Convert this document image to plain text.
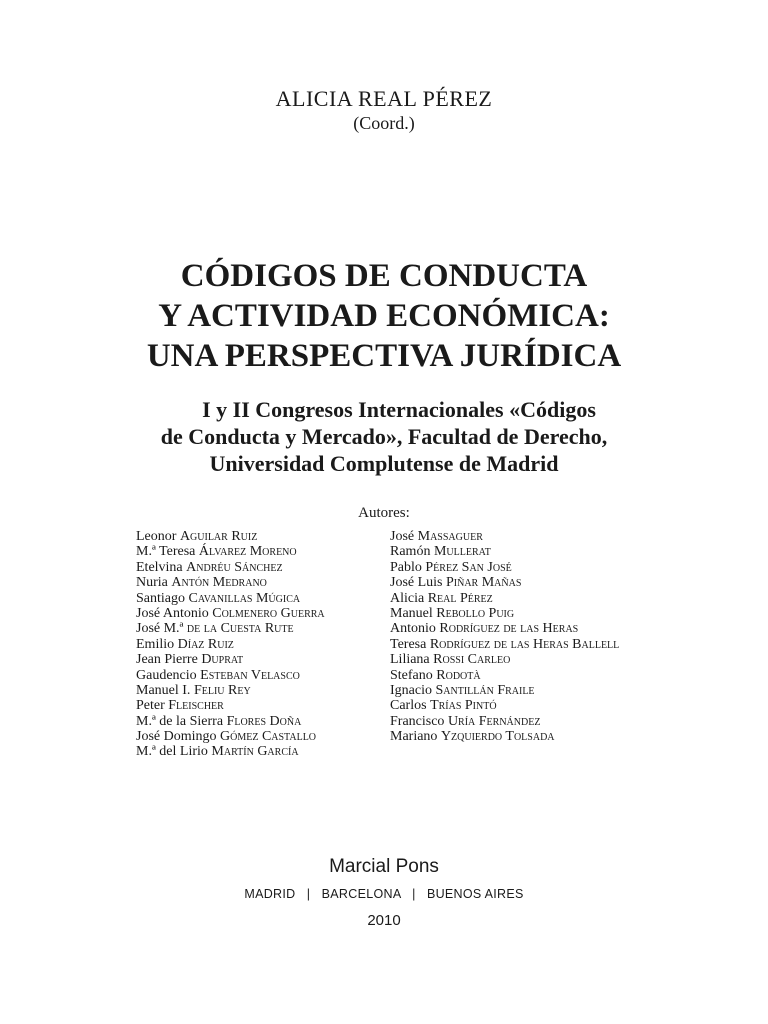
ALICIA REAL PÉREZ
(Coord.)
CÓDIGOS DE CONDUCTA
Y ACTIVIDAD ECONÓMICA:
UNA PERSPECTIVA JURÍDICA
I y II Congresos Internacionales «Códigos
de Conducta y Mercado», Facultad de Derecho,
Universidad Complutense de Madrid
Autores:
Leonor Aguilar Ruiz
M.ª Teresa Álvarez Moreno
Etelvina Andréu Sánchez
Nuria Antón Medrano
Santiago Cavanillas Múgica
José Antonio Colmenero Guerra
José M.ª de la Cuesta Rute
Emilio Díaz Ruiz
Jean Pierre Duprat
Gaudencio Esteban Velasco
Manuel I. Feliu Rey
Peter Fleischer
M.ª de la Sierra Flores Doña
José Domingo Gómez Castallo
M.ª del Lirio Martín García
José Massaguer
Ramón Mullerat
Pablo Pérez San José
José Luis Piñar Mañas
Alicia Real Pérez
Manuel Rebollo Puig
Antonio Rodríguez de las Heras
Teresa Rodríguez de las Heras Ballell
Liliana Rossi Carleo
Stefano Rodotà
Ignacio Santillán Fraile
Carlos Trías Pintó
Francisco Uría Fernández
Mariano Yzquierdo Tolsada
Marcial Pons
MADRID   |   BARCELONA   |   BUENOS AIRES
2010
